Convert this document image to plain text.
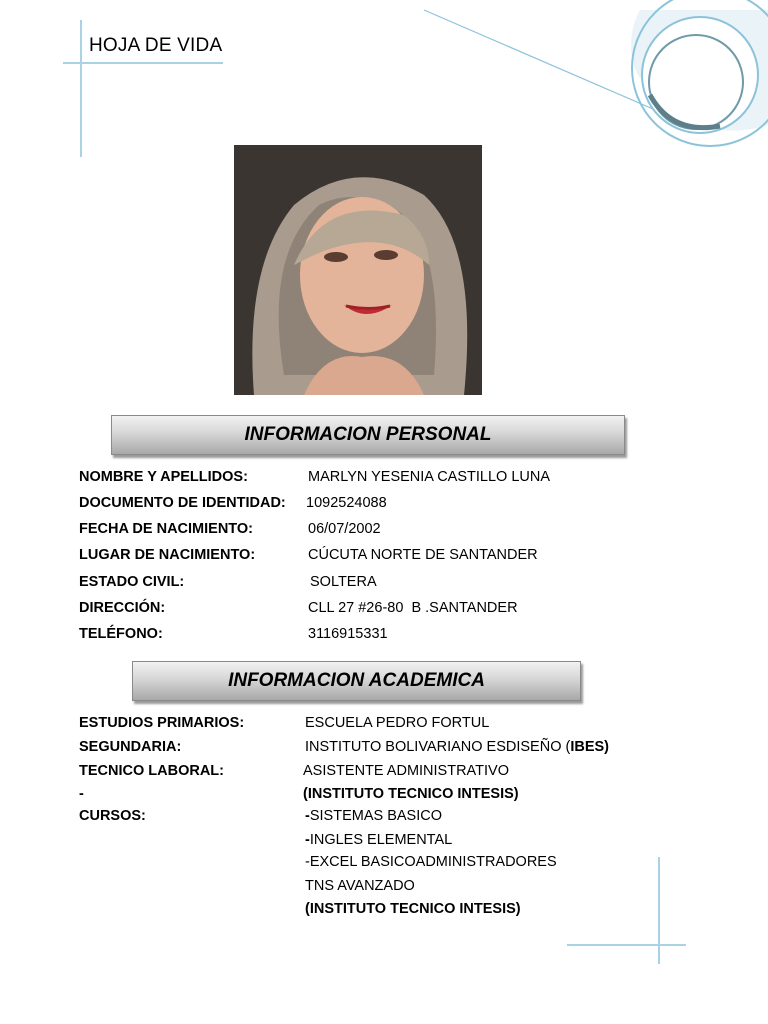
HOJA DE VIDA
INFORMACION PERSONAL
NOMBRE Y APELLIDOS:	MARLYN YESENIA CASTILLO LUNA
DOCUMENTO DE IDENTIDAD: 1092524088
FECHA DE NACIMIENTO:	06/07/2002
LUGAR DE NACIMIENTO:	CÚCUTA NORTE DE SANTANDER
ESTADO CIVIL:	SOLTERA
DIRECCIÓN:	CLL 27 #26-80  B .SANTANDER
TELÉFONO:	3116915331
INFORMACION ACADEMICA
ESTUDIOS PRIMARIOS:	ESCUELA PEDRO FORTUL
SEGUNDARIA:	INSTITUTO BOLIVARIANO ESDISEÑO (IBES)
TECNICO LABORAL:	ASISTENTE ADMINISTRATIVO
-	(INSTITUTO TECNICO INTESIS)
CURSOS:	-SISTEMAS BASICO
-INGLES ELEMENTAL
-EXCEL BASICOADMINISTRADORES
TNS AVANZADO
(INSTITUTO TECNICO INTESIS)
